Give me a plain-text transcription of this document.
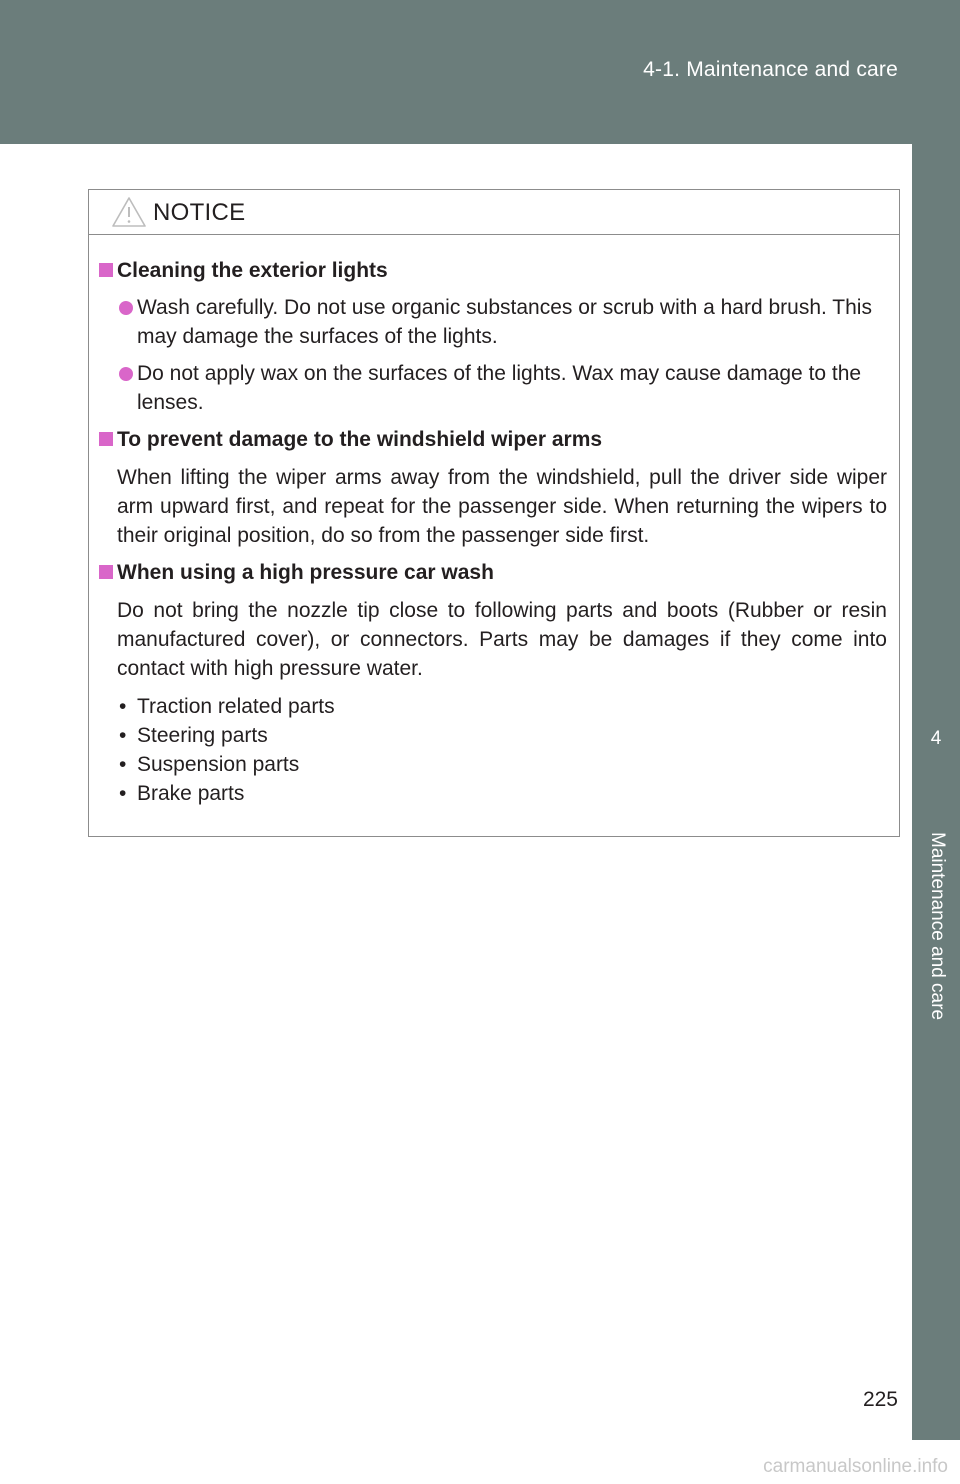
4-1. Maintenance and care
4
Maintenance and care
NOTICE
Cleaning the exterior lights
Wash carefully. Do not use organic substances or scrub with a hard brush. This may damage the surfaces of the lights.
Do not apply wax on the surfaces of the lights. Wax may cause damage to the lenses.
To prevent damage to the windshield wiper arms
When lifting the wiper arms away from the windshield, pull the driver side wiper arm upward first, and repeat for the passenger side. When returning the wipers to their original position, do so from the passenger side first.
When using a high pressure car wash
Do not bring the nozzle tip close to following parts and boots (Rubber or resin manufactured cover), or connectors. Parts may be damages if they come into contact with high pressure water.
• Traction related parts
• Steering parts
• Suspension parts
• Brake parts
225
carmanualsonline.info
